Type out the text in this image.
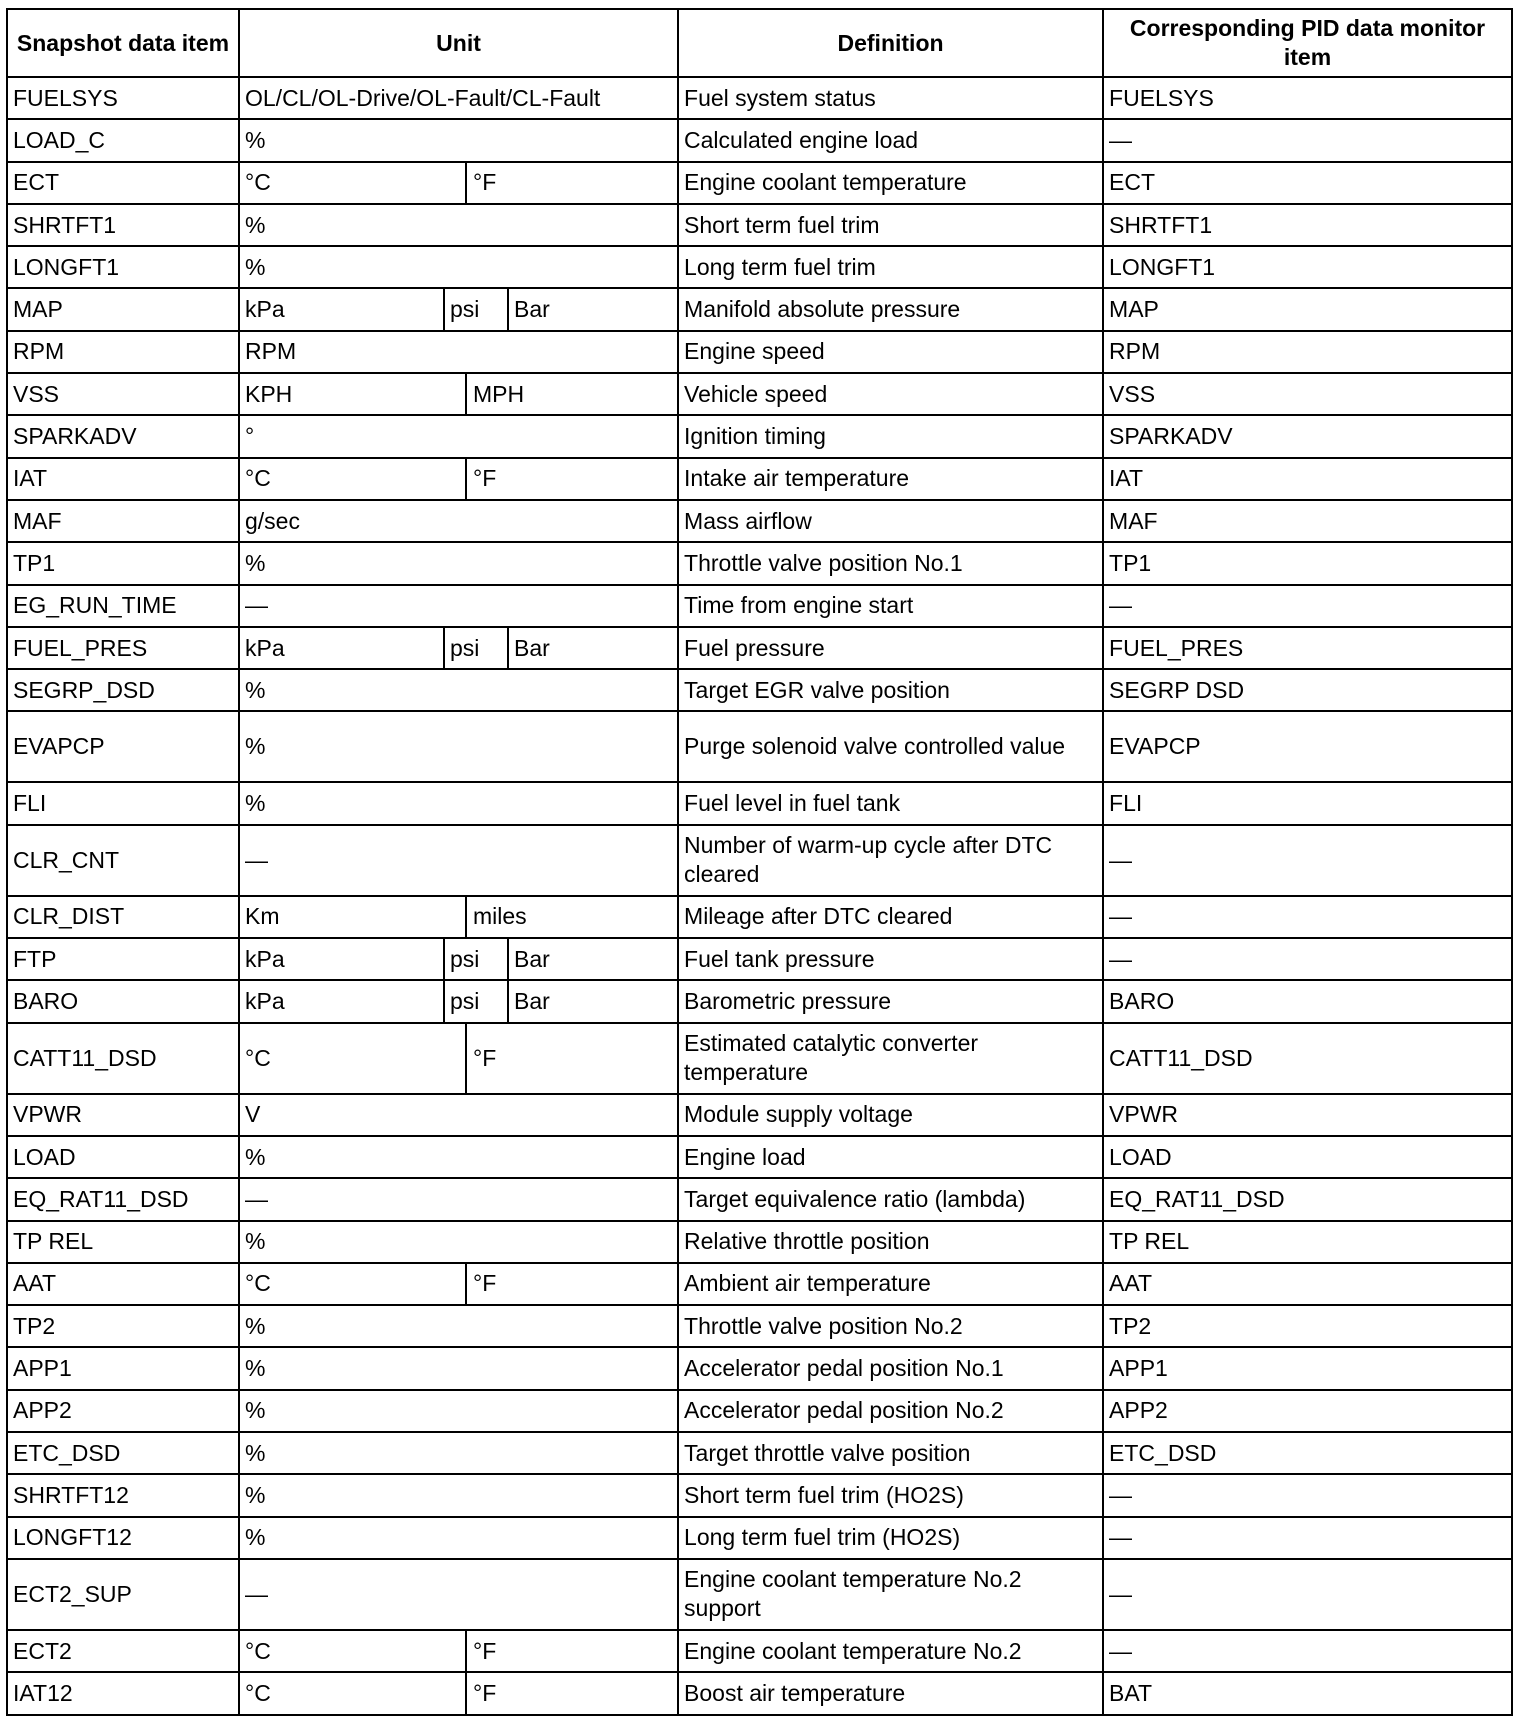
Snapshot data item	Unit				Definition	Corresponding PID data monitor item
FUELSYS	OL/CL/OL-Drive/OL-Fault/CL-Fault				Fuel system status	FUELSYS
LOAD_C	%				Calculated engine load	—
ECT	°C		°F		Engine coolant temperature	ECT
SHRTFT1	%				Short term fuel trim	SHRTFT1
LONGFT1	%				Long term fuel trim	LONGFT1
MAP	kPa	psi		Bar	Manifold absolute pressure	MAP
RPM	RPM				Engine speed	RPM
VSS	KPH		MPH		Vehicle speed	VSS
SPARKADV	°				Ignition timing	SPARKADV
IAT	°C		°F		Intake air temperature	IAT
MAF	g/sec				Mass airflow	MAF
TP1	%				Throttle valve position No.1	TP1
EG_RUN_TIME	—				Time from engine start	—
FUEL_PRES	kPa	psi		Bar	Fuel pressure	FUEL_PRES
SEGRP_DSD	%				Target EGR valve position	SEGRP DSD
EVAPCP	%				Purge solenoid valve controlled value	EVAPCP
FLI	%				Fuel level in fuel tank	FLI
CLR_CNT	—				Number of warm-up cycle after DTC cleared	—
CLR_DIST	Km		miles		Mileage after DTC cleared	—
FTP	kPa	psi		Bar	Fuel tank pressure	—
BARO	kPa	psi		Bar	Barometric pressure	BARO
CATT11_DSD	°C		°F		Estimated catalytic converter temperature	CATT11_DSD
VPWR	V				Module supply voltage	VPWR
LOAD	%				Engine load	LOAD
EQ_RAT11_DSD	—				Target equivalence ratio (lambda)	EQ_RAT11_DSD
TP REL	%				Relative throttle position	TP REL
AAT	°C		°F		Ambient air temperature	AAT
TP2	%				Throttle valve position No.2	TP2
APP1	%				Accelerator pedal position No.1	APP1
APP2	%				Accelerator pedal position No.2	APP2
ETC_DSD	%				Target throttle valve position	ETC_DSD
SHRTFT12	%				Short term fuel trim (HO2S)	—
LONGFT12	%				Long term fuel trim (HO2S)	—
ECT2_SUP	—				Engine coolant temperature No.2 support	—
ECT2	°C		°F		Engine coolant temperature No.2	—
IAT12	°C		°F		Boost air temperature	BAT
